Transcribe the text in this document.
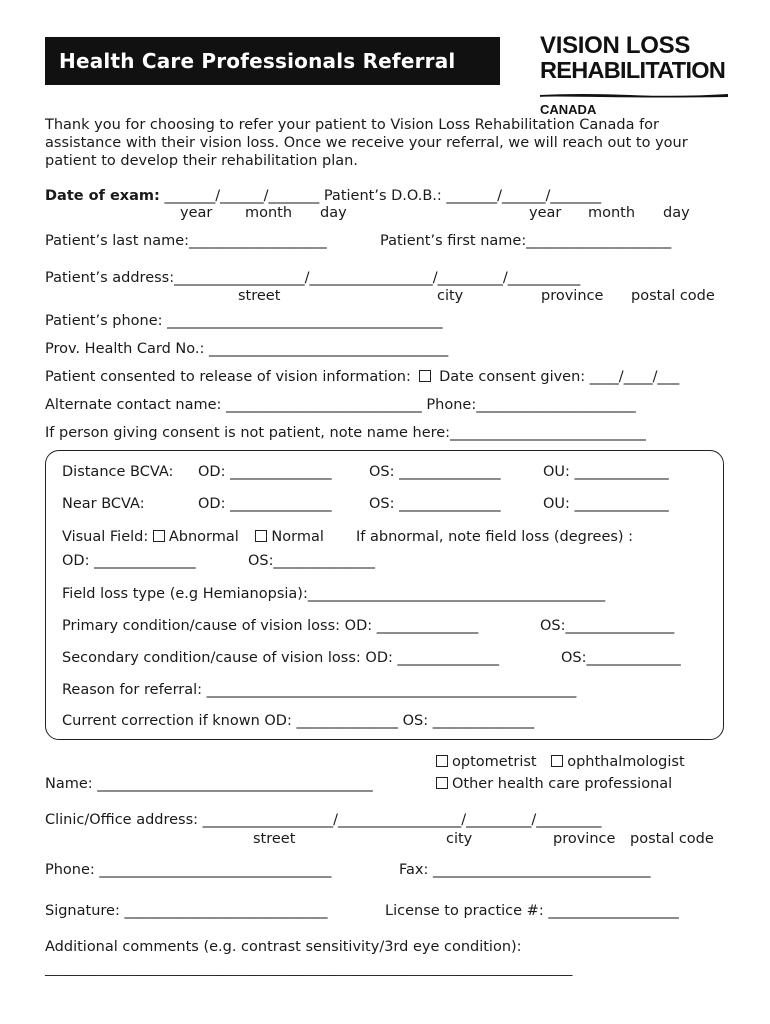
Health Care Professionals Referral Form
VISION LOSS
REHABILITATION
CANADA
Thank you for choosing to refer your patient to Vision Loss Rehabilitation Canada for
assistance with their vision loss. Once we receive your referral, we will reach out to your
patient to develop their rehabilitation plan.
Date of exam: _______/______/_______ Patient’s D.O.B.: _______/______/_______
year month day	year month day
Patient’s last name:___________________	Patient’s first name:____________________
Patient’s address:__________________/_________________/_________/__________
street	city	province postal code
Patient’s phone: ______________________________________
Prov. Health Card No.: _________________________________
Patient consented to release of vision information: Date consent given: ____/____/___
Alternate contact name: ___________________________ Phone:______________________
If person giving consent is not patient, note name here:___________________________
Distance BCVA: OD: ______________	OS: ______________	OU: _____________
Near BCVA:	OD: ______________	OS: ______________	OU: _____________
Visual Field: Abnormal Normal If abnormal, note field loss (degrees) :
OD: ______________	OS:______________
Field loss type (e.g Hemianopsia):_________________________________________
Primary condition/cause of vision loss: OD: ______________	OS:_______________
Secondary condition/cause of vision loss: OD: ______________	OS:_____________
Reason for referral: ___________________________________________________
Current correction if known OD: ______________ OS: ______________
optometrist ophthalmologist
Name: ______________________________________	Other health care professional
Clinic/Office address: __________________/_________________/_________/_________
street	city	province postal code
Phone: ________________________________	Fax: ______________________________
Signature: ____________________________	License to practice #: __________________
Additional comments (e.g. contrast sensitivity/3rd eye condition):
________________________________________________________________________________
